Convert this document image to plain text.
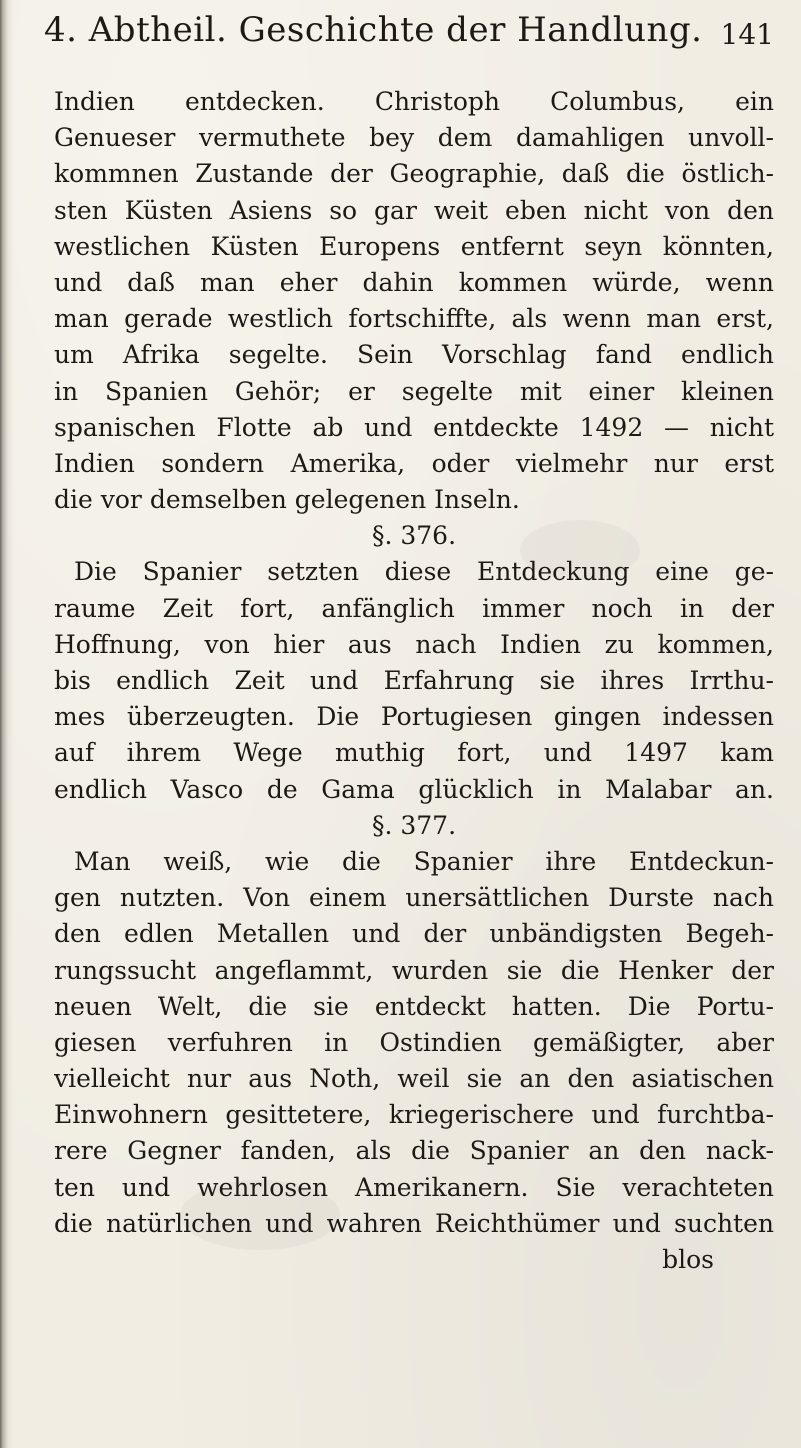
4. Abtheil. Geschichte der Handlung. 141
Indien entdecken. Christoph Columbus, ein
Genueser vermuthete bey dem damahligen unvoll-
kommnen Zustande der Geographie, daß die östlich-
sten Küsten Asiens so gar weit eben nicht von den
westlichen Küsten Europens entfernt seyn könnten,
und daß man eher dahin kommen würde, wenn
man gerade westlich fortschiffte, als wenn man erst,
um Afrika segelte. Sein Vorschlag fand endlich
in Spanien Gehör; er segelte mit einer kleinen
spanischen Flotte ab und entdeckte 1492 — nicht
Indien sondern Amerika, oder vielmehr nur erst
die vor demselben gelegenen Inseln.
§. 376.
Die Spanier setzten diese Entdeckung eine ge-
raume Zeit fort, anfänglich immer noch in der
Hoffnung, von hier aus nach Indien zu kommen,
bis endlich Zeit und Erfahrung sie ihres Irrthu-
mes überzeugten. Die Portugiesen gingen indessen
auf ihrem Wege muthig fort, und 1497 kam
endlich Vasco de Gama glücklich in Malabar an.
§. 377.
Man weiß, wie die Spanier ihre Entdeckun-
gen nutzten. Von einem unersättlichen Durste nach
den edlen Metallen und der unbändigsten Begeh-
rungssucht angeflammt, wurden sie die Henker der
neuen Welt, die sie entdeckt hatten. Die Portu-
giesen verfuhren in Ostindien gemäßigter, aber
vielleicht nur aus Noth, weil sie an den asiatischen
Einwohnern gesittetere, kriegerischere und furchtba-
rere Gegner fanden, als die Spanier an den nack-
ten und wehrlosen Amerikanern. Sie verachteten
die natürlichen und wahren Reichthümer und suchten
blos
